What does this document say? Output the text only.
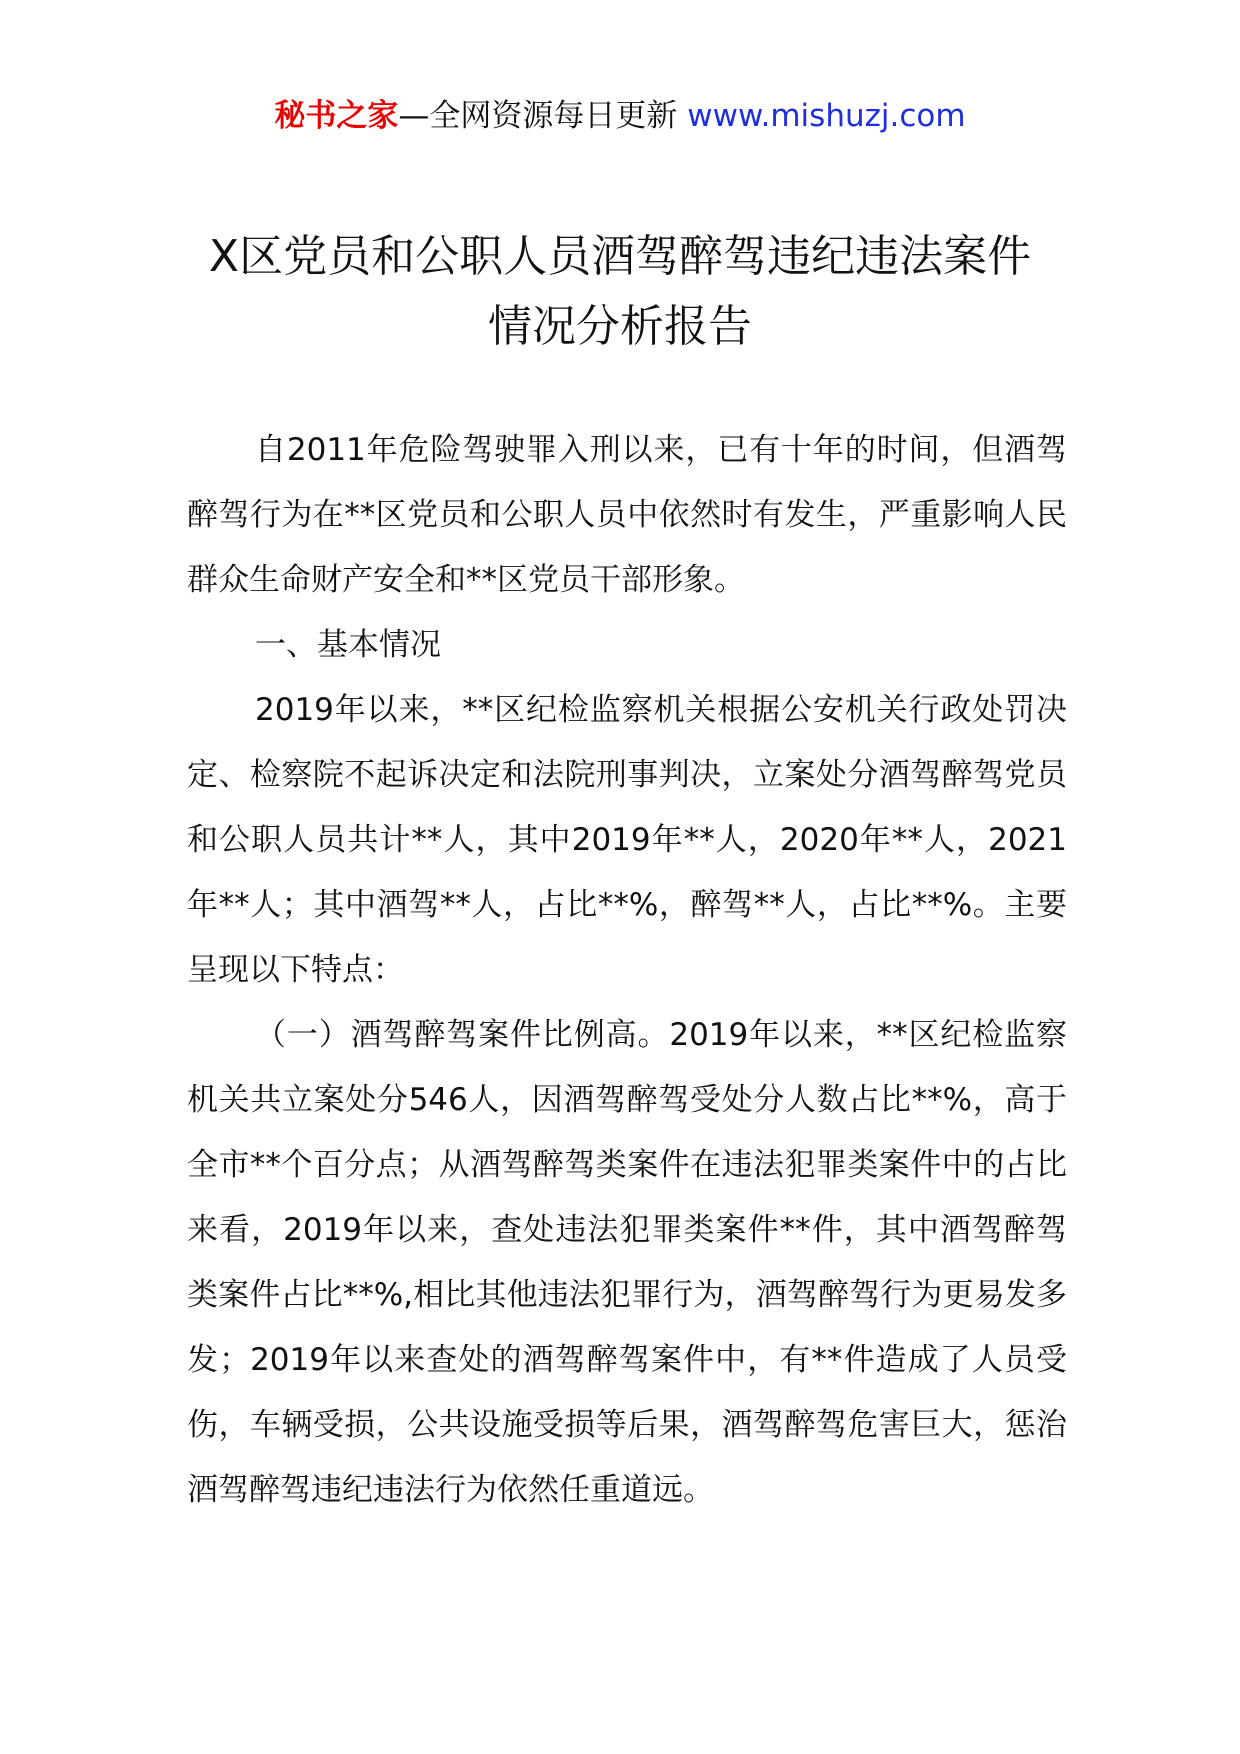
秘书之家—全网资源每日更新 www.mishuzj.com
X区党员和公职人员酒驾醉驾违纪违法案件
情况分析报告

自2011年危险驾驶罪入刑以来，已有十年的时间，但酒驾醉驾行为在**区党员和公职人员中依然时有发生，严重影响人民群众生命财产安全和**区党员干部形象。

一、基本情况

2019年以来，**区纪检监察机关根据公安机关行政处罚决定、检察院不起诉决定和法院刑事判决，立案处分酒驾醉驾党员和公职人员共计**人，其中2019年**人，2020年**人，2021年**人；其中酒驾**人，占比**%，醉驾**人，占比**%。主要呈现以下特点：

（一）酒驾醉驾案件比例高。2019年以来，**区纪检监察机关共立案处分546人，因酒驾醉驾受处分人数占比**%，高于全市**个百分点；从酒驾醉驾类案件在违法犯罪类案件中的占比来看，2019年以来，查处违法犯罪类案件**件，其中酒驾醉驾类案件占比**%,相比其他违法犯罪行为，酒驾醉驾行为更易发多发；2019年以来查处的酒驾醉驾案件中，有**件造成了人员受伤，车辆受损，公共设施受损等后果，酒驾醉驾危害巨大，惩治酒驾醉驾违纪违法行为依然任重道远。
